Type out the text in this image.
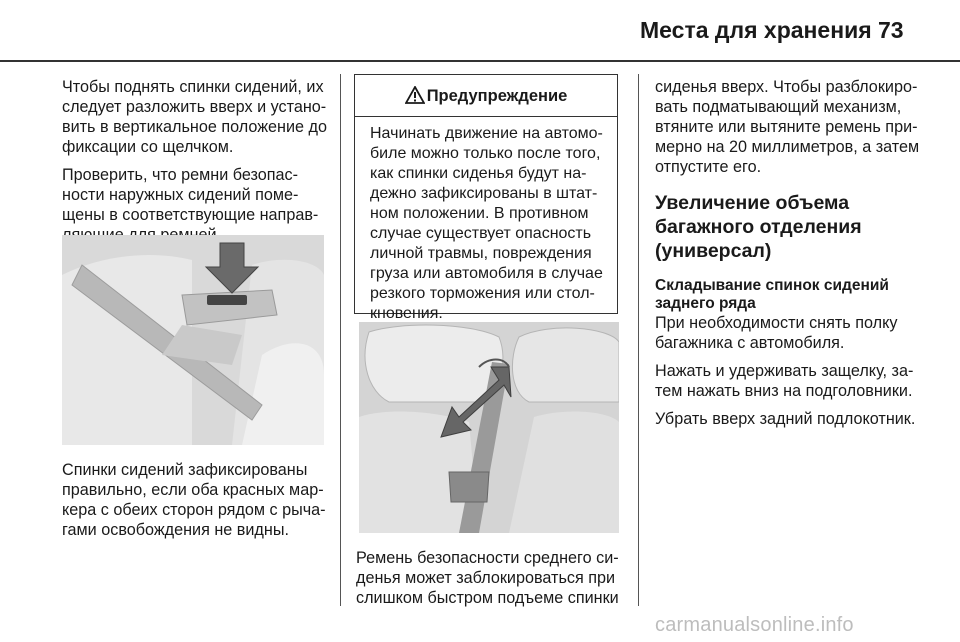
Места для хранения 73
Чтобы поднять спинки сидений, их
следует разложить вверх и устано-
вить в вертикальное положение до
фиксации со щелчком.
Проверить, что ремни безопас-
ности наружных сидений поме-
щены в соответствующие направ-
Спинки сидений зафиксированы
правильно, если оба красных мар-
кера с обеих сторон рядом с рыча-
гами освобождения не видны.
Предупреждение
Начинать движение на автомо-
биле можно только после того,
как спинки сиденья будут на-
дежно зафиксированы в штат-
ном положении. В противном
случае существует опасность
личной травмы, повреждения
груза или автомобиля в случае
резкого торможения или стол-
кновения.
Ремень безопасности среднего си-
денья может заблокироваться при
слишком быстром подъеме спинки
сиденья вверх. Чтобы разблокиро-
вать подматывающий механизм,
втяните или вытяните ремень при-
мерно на 20 миллиметров, а затем
отпустите его.
Увеличение объема
багажного отделения
(универсал)
Складывание спинок сидений
заднего ряда
При необходимости снять полку
багажника с автомобиля.
Нажать и удерживать защелку, за-
тем нажать вниз на подголовники.
Убрать вверх задний подлокотник.
carmanualsonline.info
